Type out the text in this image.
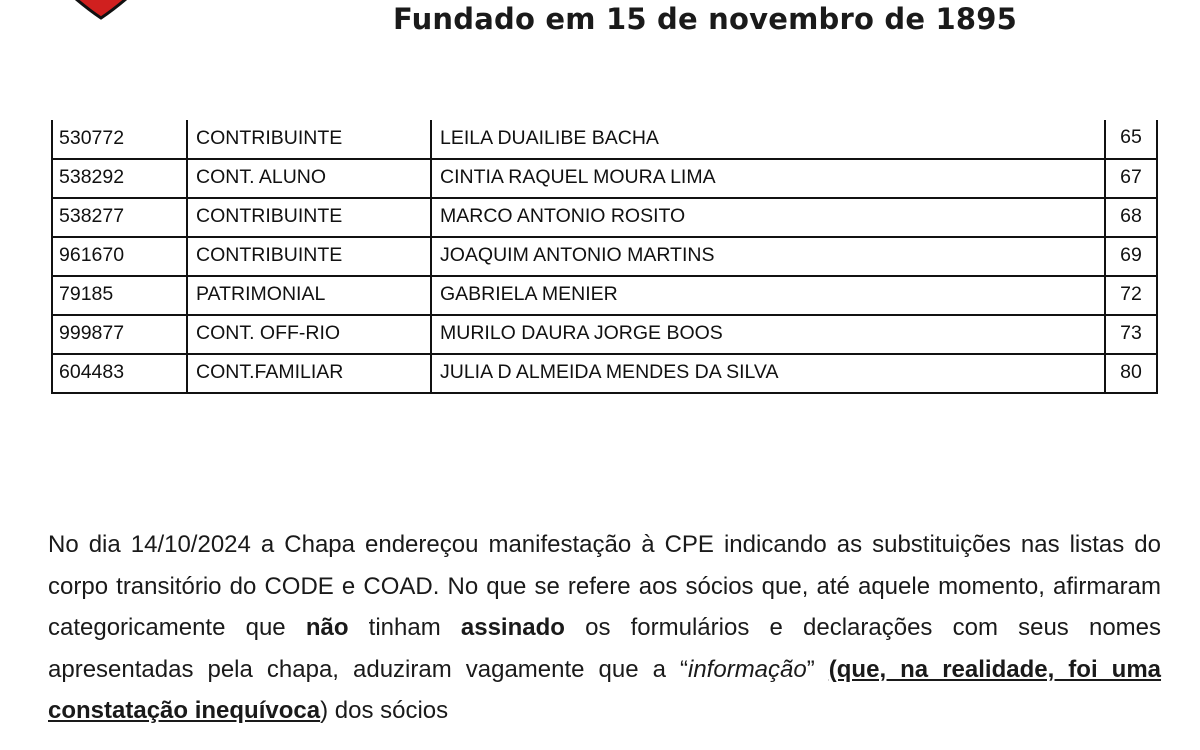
Fundado em 15 de novembro de 1895
530772	CONTRIBUINTE	LEILA DUAILIBE BACHA	65
538292	CONT. ALUNO	CINTIA RAQUEL MOURA LIMA	67
538277	CONTRIBUINTE	MARCO ANTONIO ROSITO	68
961670	CONTRIBUINTE	JOAQUIM ANTONIO MARTINS	69
79185	PATRIMONIAL	GABRIELA MENIER	72
999877	CONT. OFF-RIO	MURILO DAURA JORGE BOOS	73
604483	CONT.FAMILIAR	JULIA D ALMEIDA MENDES DA SILVA	80
No dia 14/10/2024 a Chapa endereçou manifestação à CPE indicando as substituições nas listas do corpo transitório do CODE e COAD. No que se refere aos sócios que, até aquele momento, afirmaram categoricamente que não tinham assinado os formulários e declarações com seus nomes apresentadas pela chapa, aduziram vagamente que a “informação” (que, na realidade, foi uma constatação inequívoca) dos sócios
